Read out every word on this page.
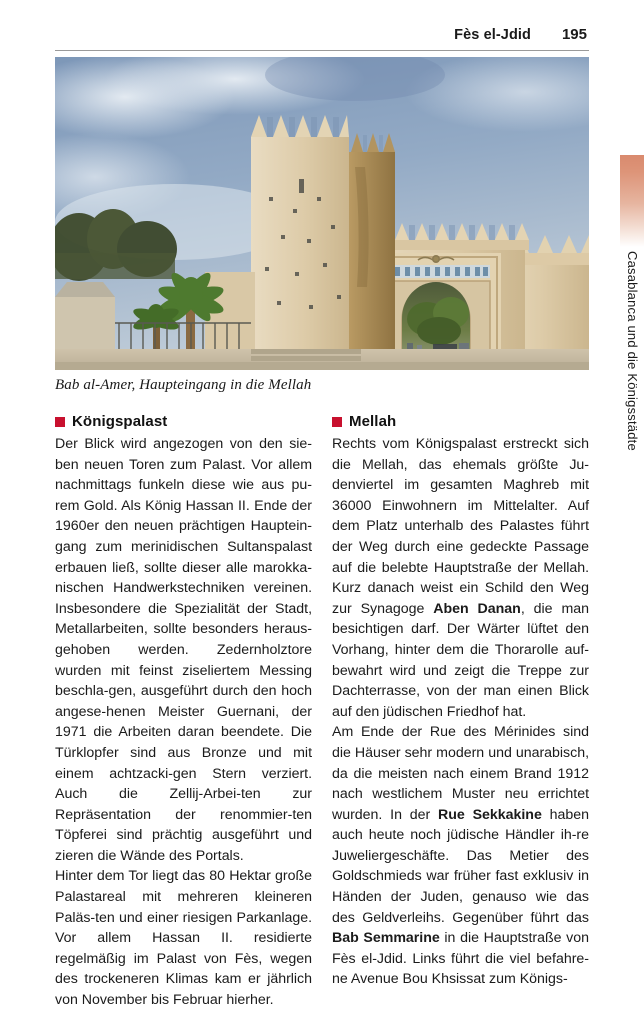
Fès el-Jdid	195
Bab al-Amer, Haupteingang in die Mellah
Königspalast

Der Blick wird angezogen von den sie-ben neuen Toren zum Palast. Vor allem nachmittags funkeln diese wie aus pu-rem Gold. Als König Hassan II. Ende der 1960er den neuen prächtigen Hauptein-gang zum merinidischen Sultanspalast erbauen ließ, sollte dieser alle marokka-nischen Handwerkstechniken vereinen. Insbesondere die Spezialität der Stadt, Metallarbeiten, sollte besonders heraus-gehoben werden. Zedernholztore wurden mit feinst ziseliertem Messing beschla-gen, ausgeführt durch den hoch angese-henen Meister Guernani, der 1971 die Arbeiten daran beendete. Die Türklopfer sind aus Bronze und mit einem achtzacki-gen Stern verziert. Auch die Zellij-Arbei-ten zur Repräsentation der renommier-ten Töpferei sind prächtig ausgeführt und zieren die Wände des Portals.

Hinter dem Tor liegt das 80 Hektar große Palastareal mit mehreren kleineren Paläs-ten und einer riesigen Parkanlage. Vor allem Hassan II. residierte regelmäßig im Palast von Fès, wegen des trockeneren Klimas kam er jährlich von November bis Februar hierher.

Mellah

Rechts vom Königspalast erstreckt sich die Mellah, das ehemals größte Ju-denviertel im gesamten Maghreb mit 36000 Einwohnern im Mittelalter. Auf dem Platz unterhalb des Palastes führt der Weg durch eine gedeckte Passage auf die belebte Hauptstraße der Mellah. Kurz danach weist ein Schild den Weg zur Synagoge Aben Danan, die man besichtigen darf. Der Wärter lüftet den Vorhang, hinter dem die Thorarolle auf-bewahrt wird und zeigt die Treppe zur Dachterrasse, von der man einen Blick auf den jüdischen Friedhof hat.

Am Ende der Rue des Mérinides sind die Häuser sehr modern und unarabisch, da die meisten nach einem Brand 1912 nach westlichem Muster neu errichtet wurden. In der Rue Sekkakine haben auch heute noch jüdische Händler ih-re Juweliergeschäfte. Das Metier des Goldschmieds war früher fast exklusiv in Händen der Juden, genauso wie das des Geldverleihs. Gegenüber führt das Bab Semmarine in die Hauptstraße von Fès el-Jdid. Links führt die viel befahre-ne Avenue Bou Khsissat zum Königs-

Casablanca und die Königsstädte
